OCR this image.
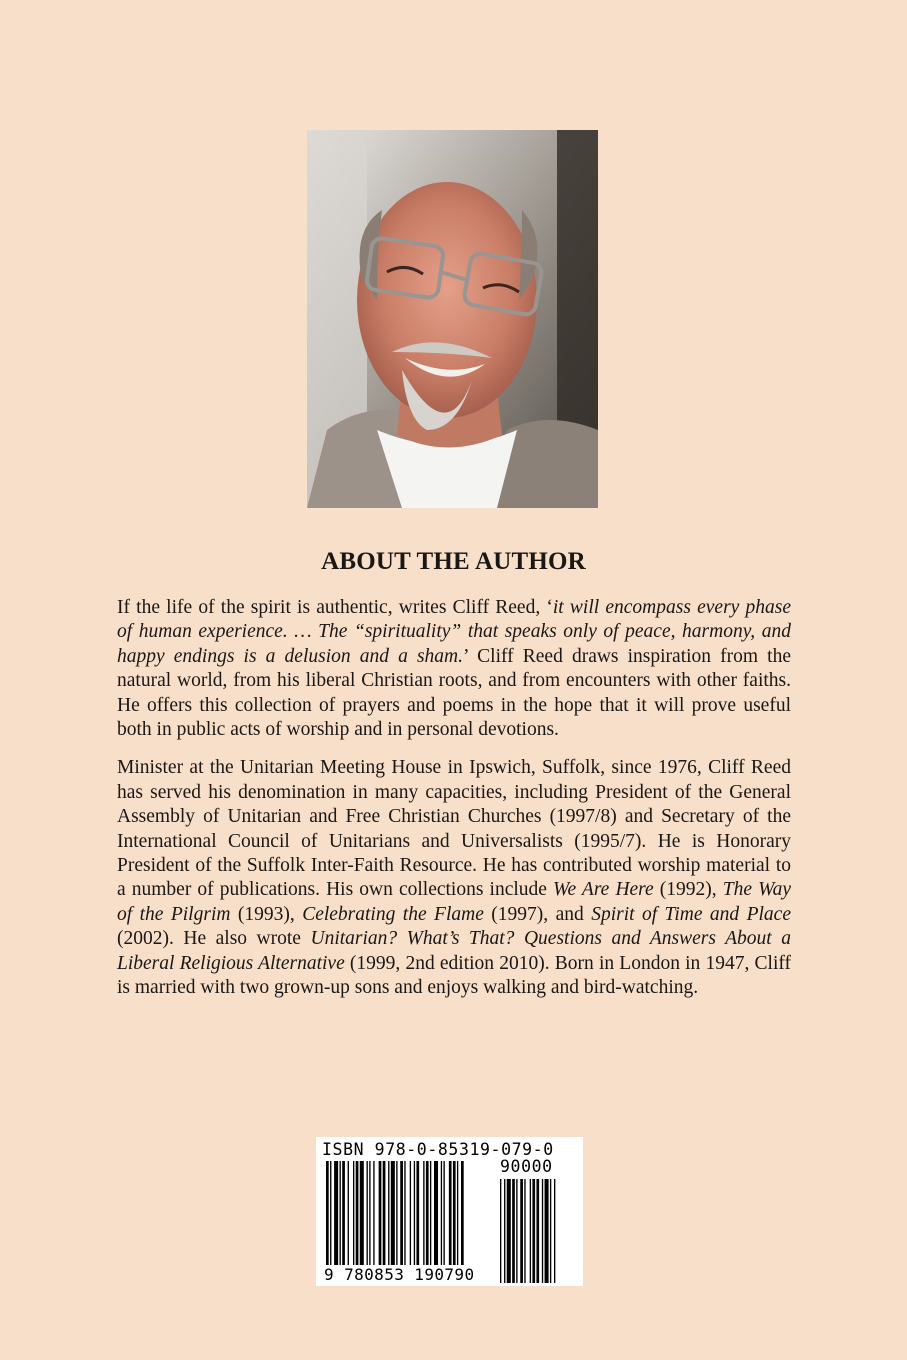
ABOUT THE AUTHOR

If the life of the spirit is authentic, writes Cliff Reed, ‘it will encompass every phase of human experience. … The “spirituality” that speaks only of peace, harmony, and happy endings is a delusion and a sham.’ Cliff Reed draws inspiration from the natural world, from his liberal Christian roots, and from encounters with other faiths. He offers this collection of prayers and poems in the hope that it will prove useful both in public acts of worship and in personal devotions.

Minister at the Unitarian Meeting House in Ipswich, Suffolk, since 1976, Cliff Reed has served his denomination in many capacities, including President of the General Assembly of Unitarian and Free Christian Churches (1997/8) and Secretary of the International Council of Unitarians and Universalists (1995/7). He is Honorary President of the Suffolk Inter-Faith Resource. He has contributed worship material to a number of publications. His own collections include We Are Here (1992), The Way of the Pilgrim (1993), Celebrating the Flame (1997), and Spirit of Time and Place (2002). He also wrote Unitarian? What’s That? Questions and Answers About a Liberal Religious Alternative (1999, 2nd edition 2010). Born in London in 1947, Cliff is married with two grown-up sons and enjoys walking and bird-watching.

ISBN 978-0-85319-079-0
90000
9 780853 190790
